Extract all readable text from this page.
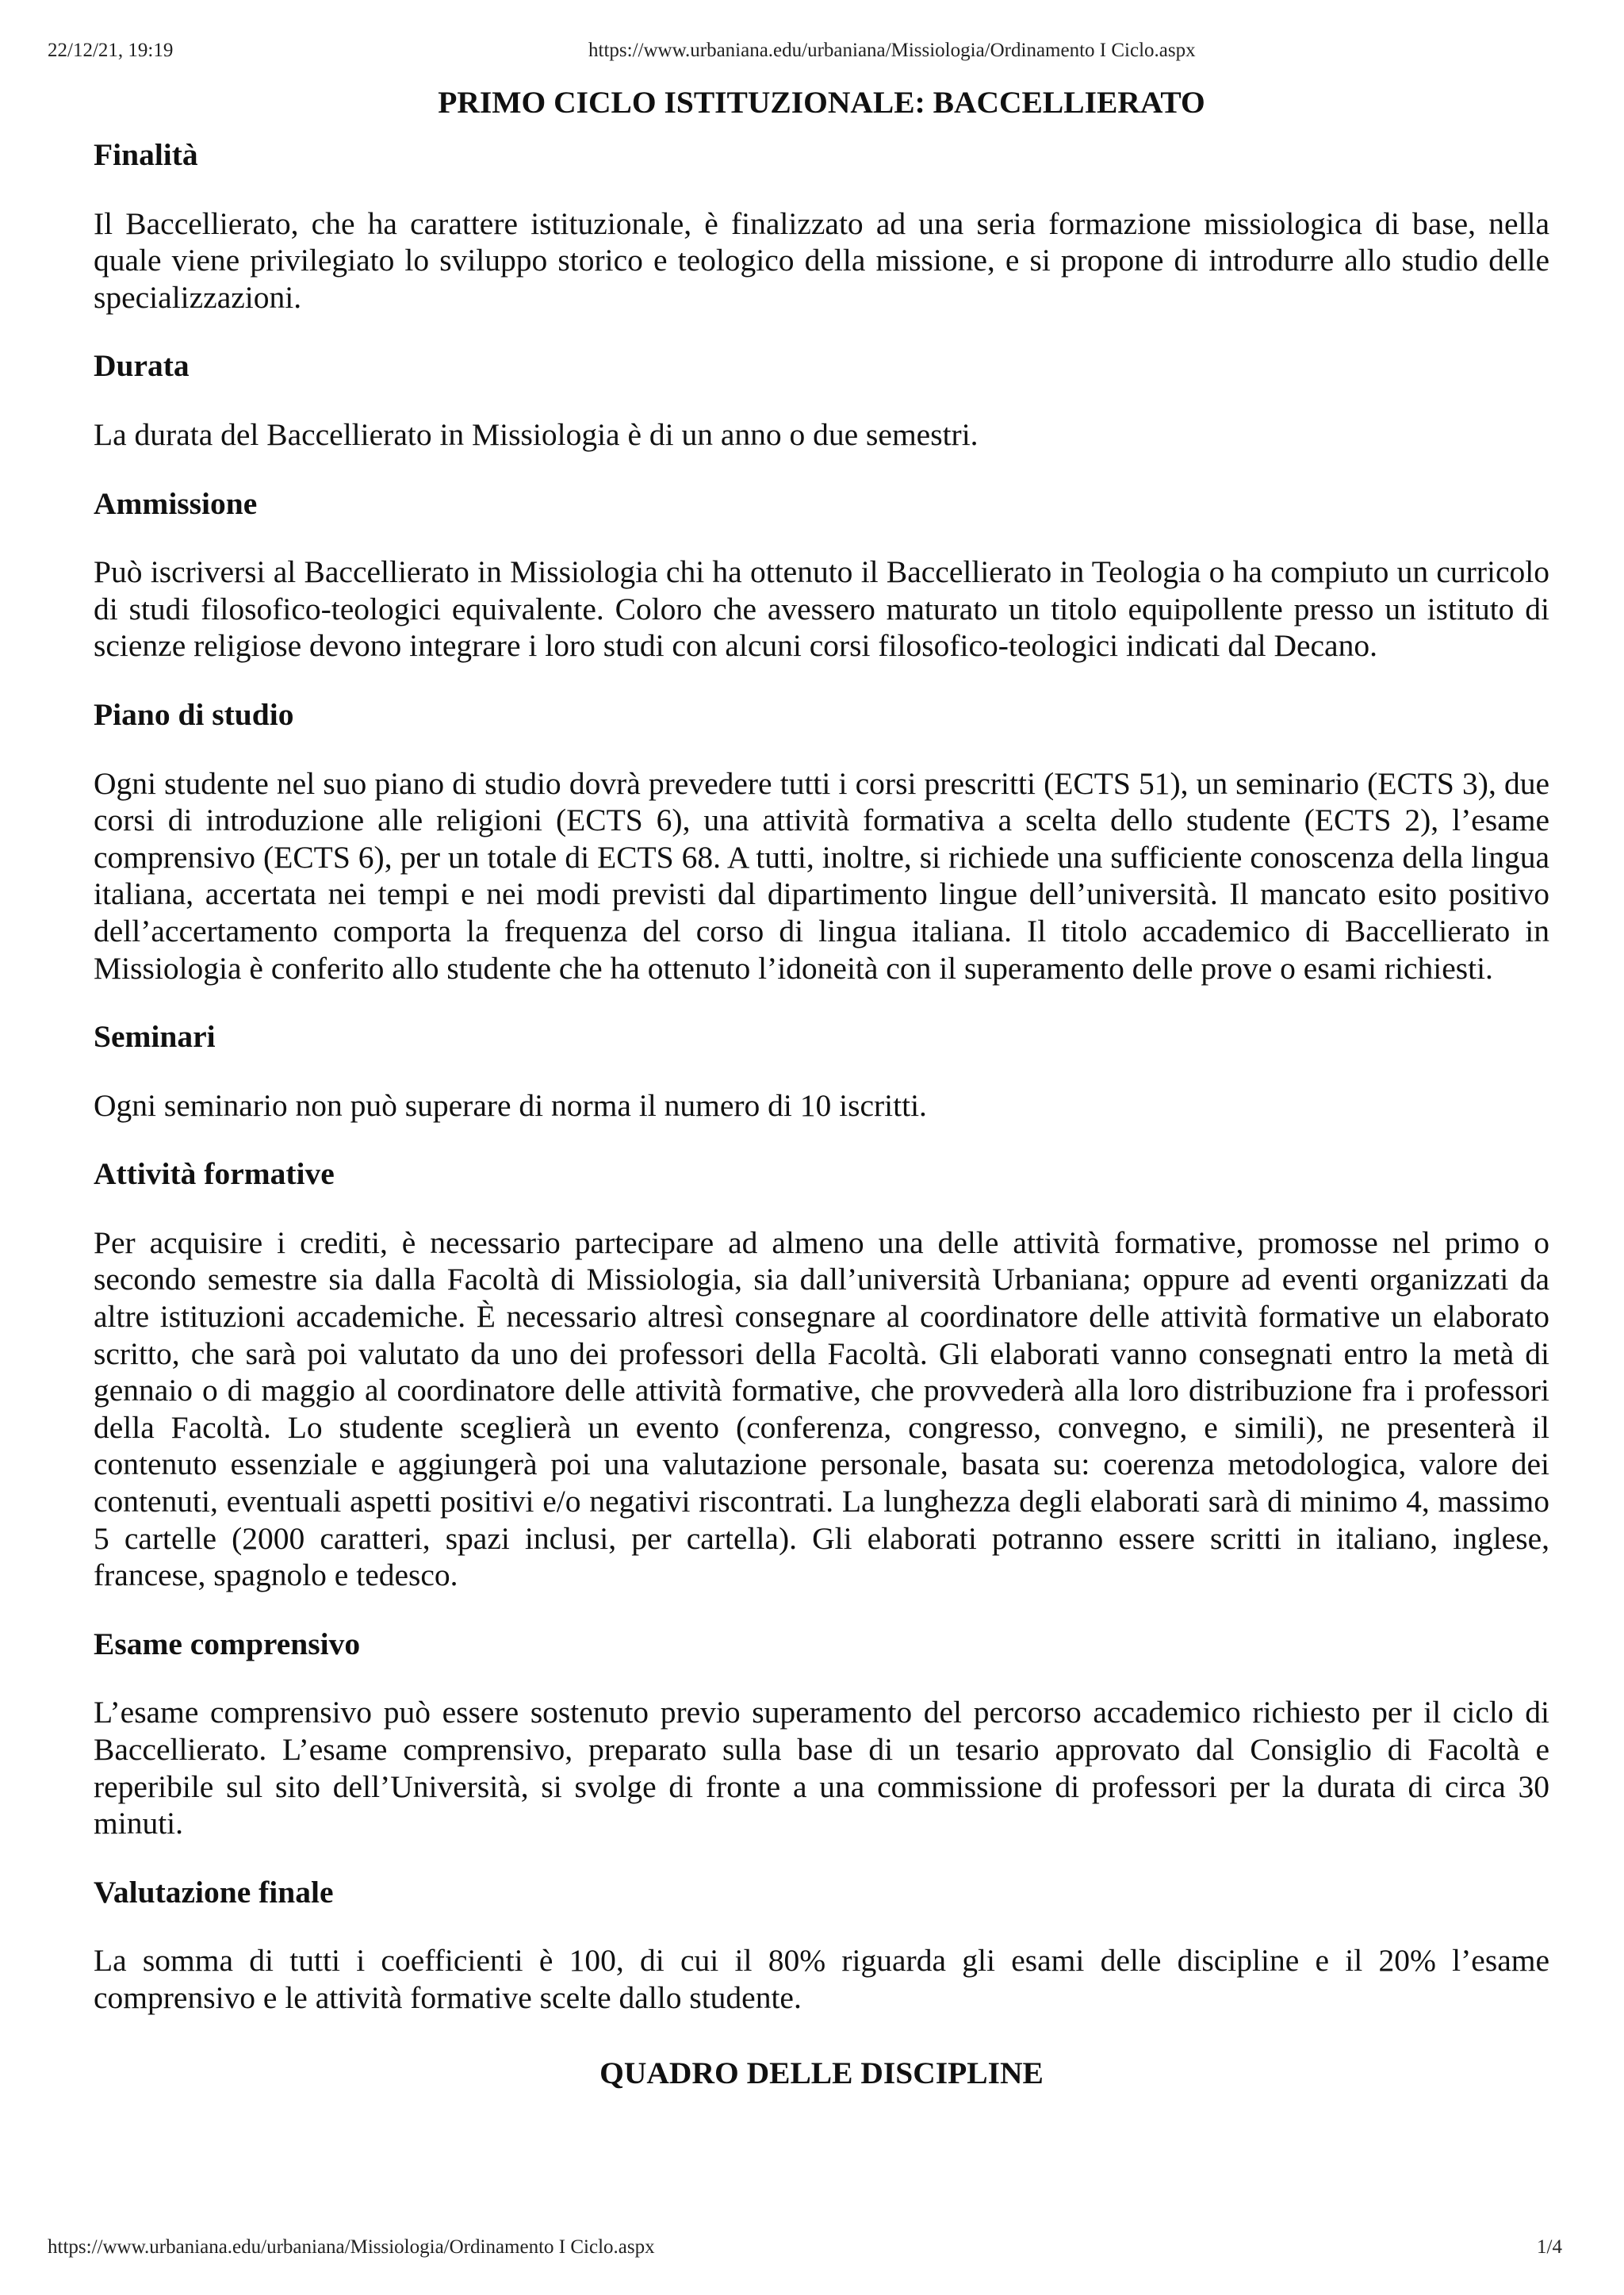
22/12/21, 19:19	https://www.urbaniana.edu/urbaniana/Missiologia/Ordinamento I Ciclo.aspx
PRIMO CICLO ISTITUZIONALE: BACCELLIERATO
Finalità
Il Baccellierato, che ha carattere istituzionale, è finalizzato ad una seria formazione missiologica di base, nella quale viene privilegiato lo sviluppo storico e teologico della missione, e si propone di introdurre allo studio delle specializzazioni.
Durata
La durata del Baccellierato in Missiologia è di un anno o due semestri.
Ammissione
Può iscriversi al Baccellierato in Missiologia chi ha ottenuto il Baccellierato in Teologia o ha compiuto un curricolo di studi filosofico-teologici equivalente. Coloro che avessero maturato un titolo equipollente presso un istituto di scienze religiose devono integrare i loro studi con alcuni corsi filosofico-teologici indicati dal Decano.
Piano di studio
Ogni studente nel suo piano di studio dovrà prevedere tutti i corsi prescritti (ECTS 51), un seminario (ECTS 3), due corsi di introduzione alle religioni (ECTS 6), una attività formativa a scelta dello studente (ECTS 2), l’esame comprensivo (ECTS 6), per un totale di ECTS 68. A tutti, inoltre, si richiede una sufficiente conoscenza della lingua italiana, accertata nei tempi e nei modi previsti dal dipartimento lingue dell’università. Il mancato esito positivo dell’accertamento comporta la frequenza del corso di lingua italiana. Il titolo accademico di Baccellierato in Missiologia è conferito allo studente che ha ottenuto l’idoneità con il superamento delle prove o esami richiesti.
Seminari
Ogni seminario non può superare di norma il numero di 10 iscritti.
Attività formative
Per acquisire i crediti, è necessario partecipare ad almeno una delle attività formative, promosse nel primo o secondo semestre sia dalla Facoltà di Missiologia, sia dall’università Urbaniana; oppure ad eventi organizzati da altre istituzioni accademiche. È necessario altresì consegnare al coordinatore delle attività formative un elaborato scritto, che sarà poi valutato da uno dei professori della Facoltà. Gli elaborati vanno consegnati entro la metà di gennaio o di maggio al coordinatore delle attività formative, che provvederà alla loro distribuzione fra i professori della Facoltà. Lo studente sceglierà un evento (conferenza, congresso, convegno, e simili), ne presenterà il contenuto essenziale e aggiungerà poi una valutazione personale, basata su: coerenza metodologica, valore dei contenuti, eventuali aspetti positivi e/o negativi riscontrati. La lunghezza degli elaborati sarà di minimo 4, massimo 5 cartelle (2000 caratteri, spazi inclusi, per cartella). Gli elaborati potranno essere scritti in italiano, inglese, francese, spagnolo e tedesco.
Esame comprensivo
L’esame comprensivo può essere sostenuto previo superamento del percorso accademico richiesto per il ciclo di Baccellierato. L’esame comprensivo, preparato sulla base di un tesario approvato dal Consiglio di Facoltà e reperibile sul sito dell’Università, si svolge di fronte a una commissione di professori per la durata di circa 30 minuti.
Valutazione finale
La somma di tutti i coefficienti è 100, di cui il 80% riguarda gli esami delle discipline e il 20% l’esame comprensivo e le attività formative scelte dallo studente.
QUADRO DELLE DISCIPLINE
https://www.urbaniana.edu/urbaniana/Missiologia/Ordinamento I Ciclo.aspx	1/4
